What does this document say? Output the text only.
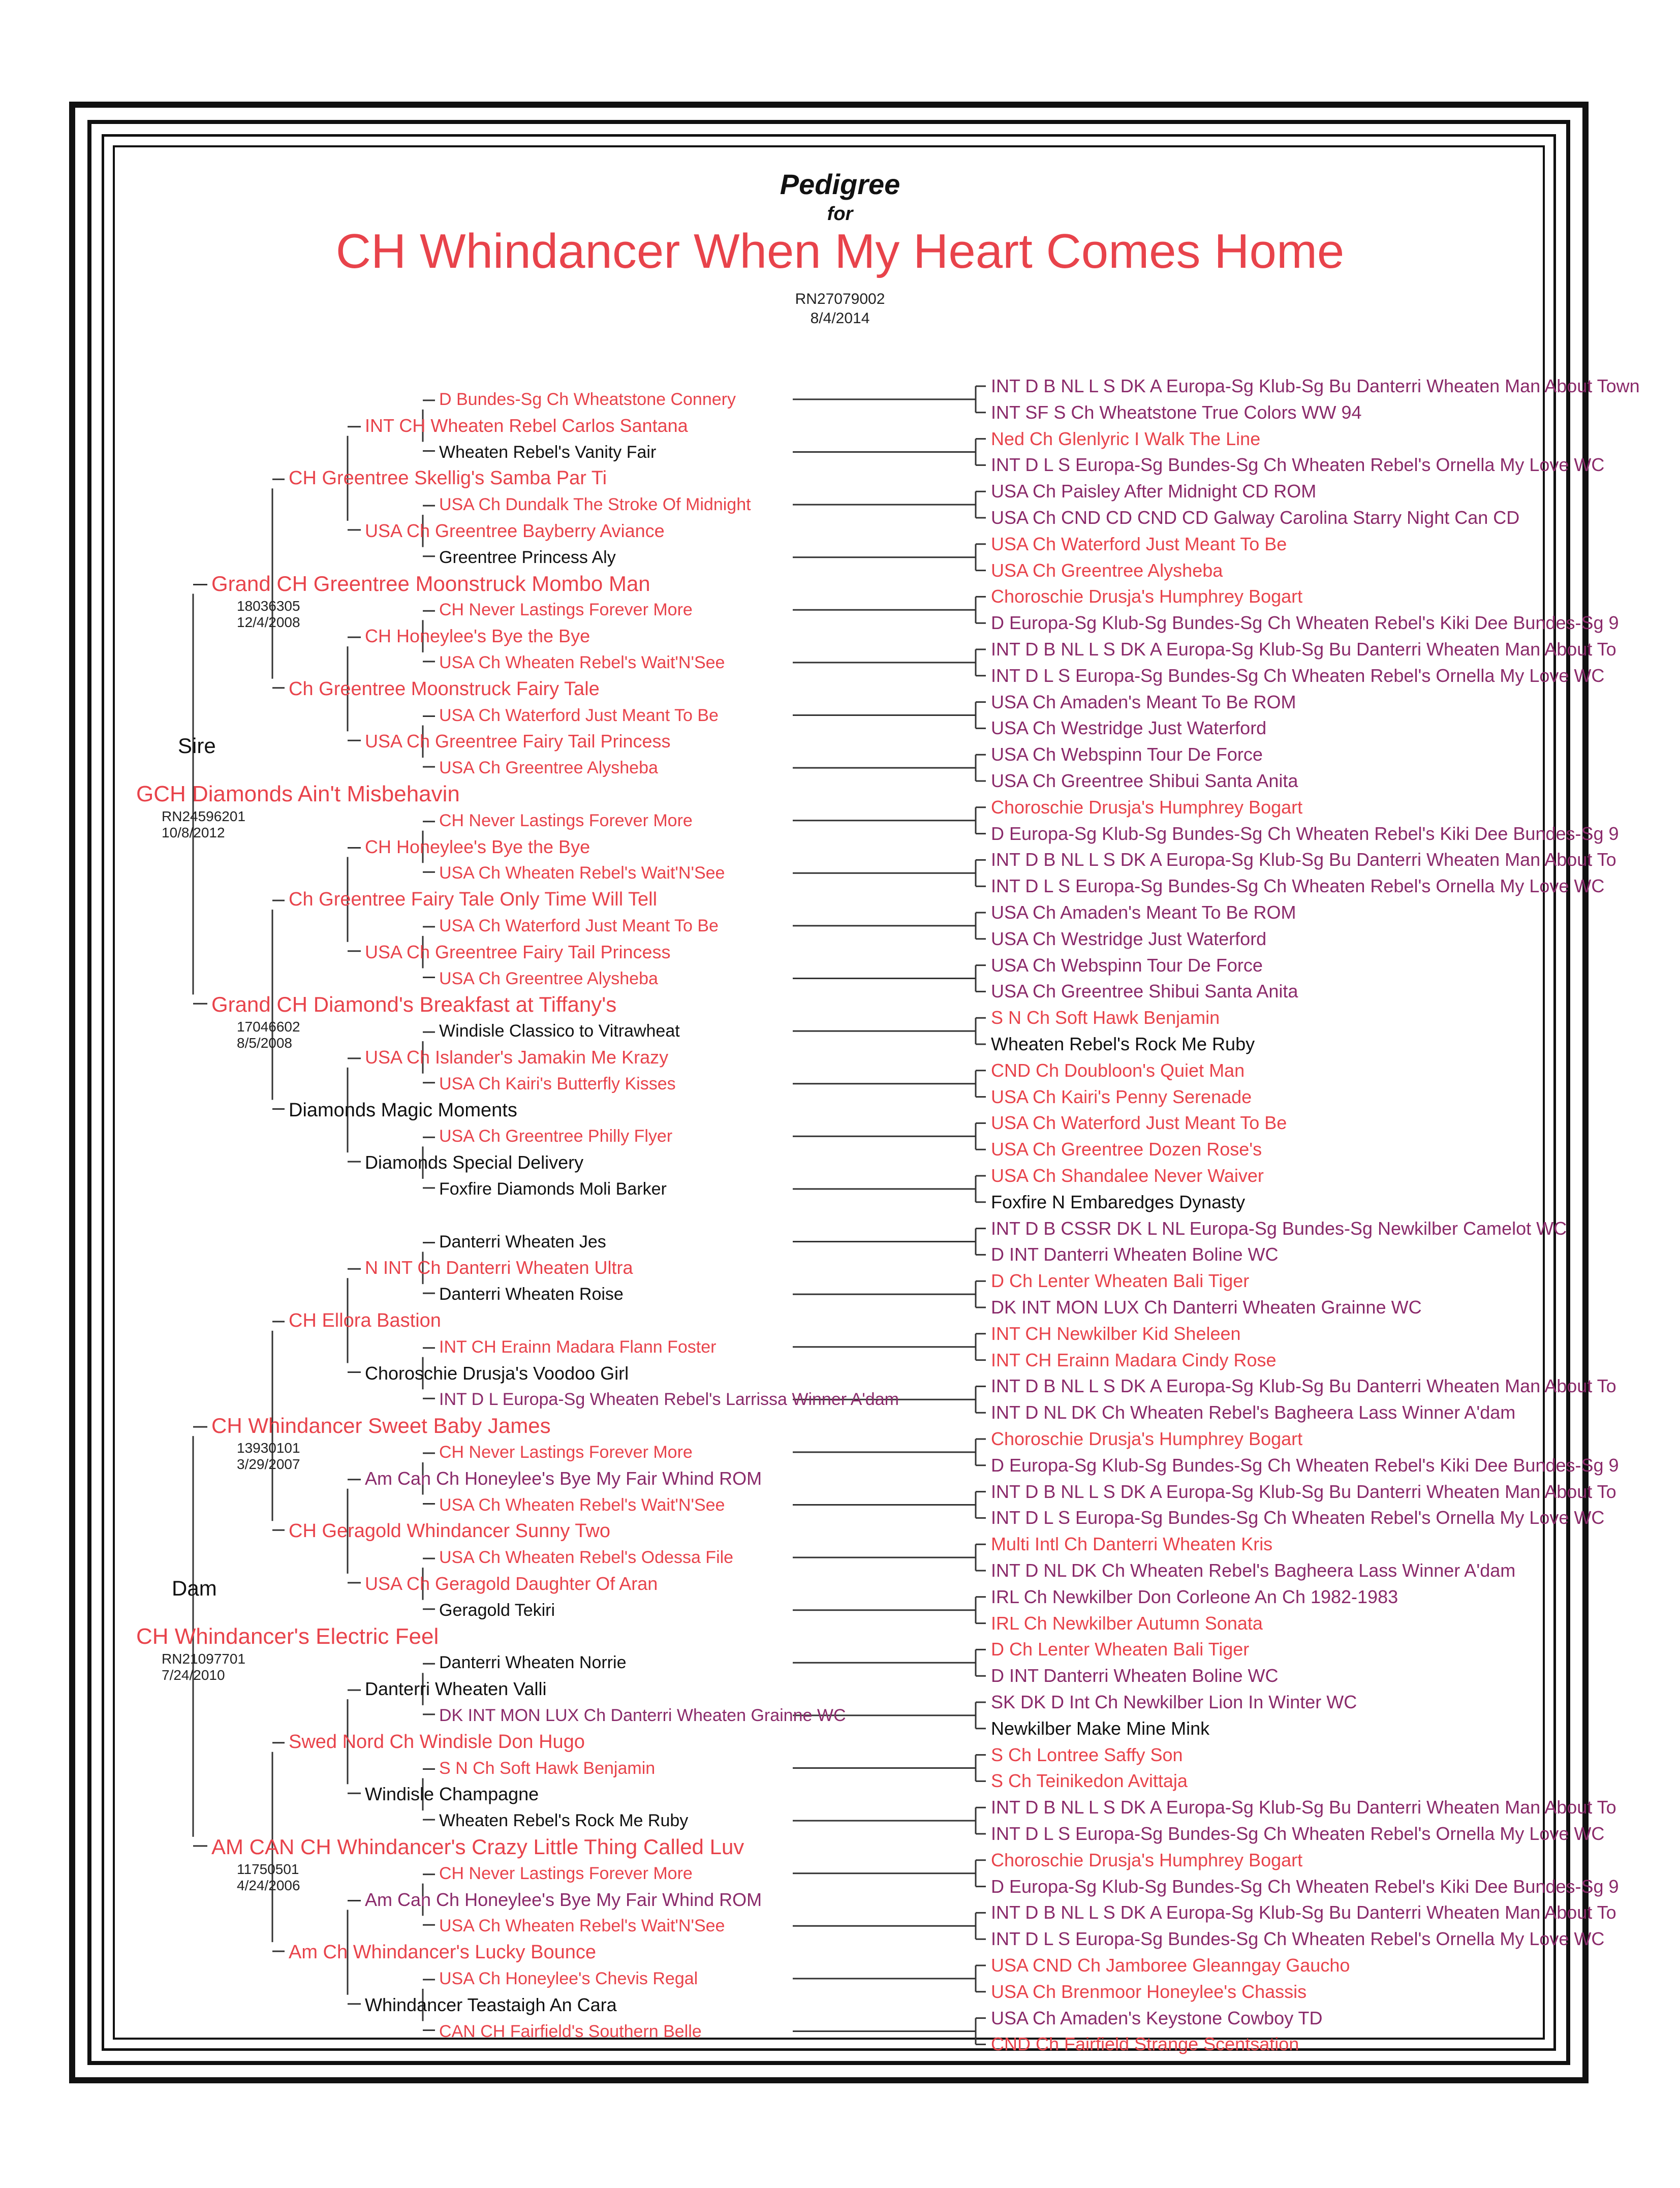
Pedigree
for
CH Whindancer When My Heart Comes Home
RN27079002
8/4/2014
Sire
Dam
GCH Diamonds Ain't Misbehavin
RN24596201
10/8/2012
CH Whindancer's Electric Feel
RN21097701
7/24/2010
Grand CH Greentree Moonstruck Mombo Man
18036305
12/4/2008
Grand CH Diamond's Breakfast at Tiffany's
17046602
8/5/2008
CH Whindancer Sweet Baby James
13930101
3/29/2007
AM CAN CH Whindancer's Crazy Little Thing Called Luv
11750501
4/24/2006
CH Greentree Skellig's Samba Par Ti
Ch Greentree Moonstruck Fairy Tale
Ch Greentree Fairy Tale Only Time Will Tell
Diamonds Magic Moments
CH Ellora Bastion
CH Geragold Whindancer Sunny Two
Swed Nord Ch Windisle Don Hugo
Am Ch Whindancer's Lucky Bounce
INT CH Wheaten Rebel Carlos Santana
USA Ch Greentree Bayberry Aviance
CH Honeylee's Bye the Bye
USA Ch Greentree Fairy Tail Princess
CH Honeylee's Bye the Bye
USA Ch Greentree Fairy Tail Princess
USA Ch Islander's Jamakin Me Krazy
Diamonds Special Delivery
N INT Ch Danterri Wheaten Ultra
Choroschie Drusja's Voodoo Girl
Am Can Ch Honeylee's Bye My Fair Whind ROM
USA Ch Geragold Daughter Of Aran
Danterri Wheaten Valli
Windisle Champagne
Am Can Ch Honeylee's Bye My Fair Whind ROM
Whindancer Teastaigh An Cara
D Bundes-Sg Ch Wheatstone Connery
Wheaten Rebel's Vanity Fair
USA Ch Dundalk The Stroke Of Midnight
Greentree Princess Aly
CH Never Lastings Forever More
USA Ch Wheaten Rebel's Wait'N'See
USA Ch Waterford Just Meant To Be
USA Ch Greentree Alysheba
CH Never Lastings Forever More
USA Ch Wheaten Rebel's Wait'N'See
USA Ch Waterford Just Meant To Be
USA Ch Greentree Alysheba
Windisle Classico to Vitrawheat
USA Ch Kairi's Butterfly Kisses
USA Ch Greentree Philly Flyer
Foxfire Diamonds Moli Barker
Danterri Wheaten Jes
Danterri Wheaten Roise
INT CH Erainn Madara Flann Foster
INT D L Europa-Sg Wheaten Rebel's Larrissa Winner A'dam
CH Never Lastings Forever More
USA Ch Wheaten Rebel's Wait'N'See
USA Ch Wheaten Rebel's Odessa File
Geragold Tekiri
Danterri Wheaten Norrie
DK INT MON LUX Ch Danterri Wheaten Grainne WC
S N Ch Soft Hawk Benjamin
Wheaten Rebel's Rock Me Ruby
CH Never Lastings Forever More
USA Ch Wheaten Rebel's Wait'N'See
USA Ch Honeylee's Chevis Regal
CAN CH Fairfield's Southern Belle
INT D B NL L S DK A Europa-Sg Klub-Sg Bu Danterri Wheaten Man About Town
INT SF S Ch Wheatstone True Colors WW 94
Ned Ch Glenlyric I Walk The Line
INT D L S Europa-Sg Bundes-Sg Ch Wheaten Rebel's Ornella My Love WC
USA Ch Paisley After Midnight CD ROM
USA Ch CND CD CND CD Galway Carolina Starry Night Can CD
USA Ch Waterford Just Meant To Be
USA Ch Greentree Alysheba
Choroschie Drusja's Humphrey Bogart
D Europa-Sg Klub-Sg Bundes-Sg Ch Wheaten Rebel's Kiki Dee Bundes-Sg 9
INT D B NL L S DK A Europa-Sg Klub-Sg Bu Danterri Wheaten Man About To
INT D L S Europa-Sg Bundes-Sg Ch Wheaten Rebel's Ornella My Love WC
USA Ch Amaden's Meant To Be ROM
USA Ch Westridge Just Waterford
USA Ch Webspinn Tour De Force
USA Ch Greentree Shibui Santa Anita
Choroschie Drusja's Humphrey Bogart
D Europa-Sg Klub-Sg Bundes-Sg Ch Wheaten Rebel's Kiki Dee Bundes-Sg 9
INT D B NL L S DK A Europa-Sg Klub-Sg Bu Danterri Wheaten Man About To
INT D L S Europa-Sg Bundes-Sg Ch Wheaten Rebel's Ornella My Love WC
USA Ch Amaden's Meant To Be ROM
USA Ch Westridge Just Waterford
USA Ch Webspinn Tour De Force
USA Ch Greentree Shibui Santa Anita
S N Ch Soft Hawk Benjamin
Wheaten Rebel's Rock Me Ruby
CND Ch Doubloon's Quiet Man
USA Ch Kairi's Penny Serenade
USA Ch Waterford Just Meant To Be
USA Ch Greentree Dozen Rose's
USA Ch Shandalee Never Waiver
Foxfire N Embaredges Dynasty
INT D B CSSR DK L NL Europa-Sg Bundes-Sg Newkilber Camelot WC
D INT Danterri Wheaten Boline WC
D Ch Lenter Wheaten Bali Tiger
DK INT MON LUX Ch Danterri Wheaten Grainne WC
INT CH Newkilber Kid Sheleen
INT CH Erainn Madara Cindy Rose
INT D B NL L S DK A Europa-Sg Klub-Sg Bu Danterri Wheaten Man About To
INT D NL DK Ch Wheaten Rebel's Bagheera Lass Winner A'dam
Choroschie Drusja's Humphrey Bogart
D Europa-Sg Klub-Sg Bundes-Sg Ch Wheaten Rebel's Kiki Dee Bundes-Sg 9
INT D B NL L S DK A Europa-Sg Klub-Sg Bu Danterri Wheaten Man About To
INT D L S Europa-Sg Bundes-Sg Ch Wheaten Rebel's Ornella My Love WC
Multi Intl Ch Danterri Wheaten Kris
INT D NL DK Ch Wheaten Rebel's Bagheera Lass Winner A'dam
IRL Ch Newkilber Don Corleone An Ch 1982-1983
IRL Ch Newkilber Autumn Sonata
D Ch Lenter Wheaten Bali Tiger
D INT Danterri Wheaten Boline WC
SK DK D Int Ch Newkilber Lion In Winter WC
Newkilber Make Mine Mink
S Ch Lontree Saffy Son
S Ch Teinikedon Avittaja
INT D B NL L S DK A Europa-Sg Klub-Sg Bu Danterri Wheaten Man About To
INT D L S Europa-Sg Bundes-Sg Ch Wheaten Rebel's Ornella My Love WC
Choroschie Drusja's Humphrey Bogart
D Europa-Sg Klub-Sg Bundes-Sg Ch Wheaten Rebel's Kiki Dee Bundes-Sg 9
INT D B NL L S DK A Europa-Sg Klub-Sg Bu Danterri Wheaten Man About To
INT D L S Europa-Sg Bundes-Sg Ch Wheaten Rebel's Ornella My Love WC
USA CND Ch Jamboree Gleanngay Gaucho
USA Ch Brenmoor Honeylee's Chassis
USA Ch Amaden's Keystone Cowboy TD
CND Ch Fairfield Strange Scentsation
